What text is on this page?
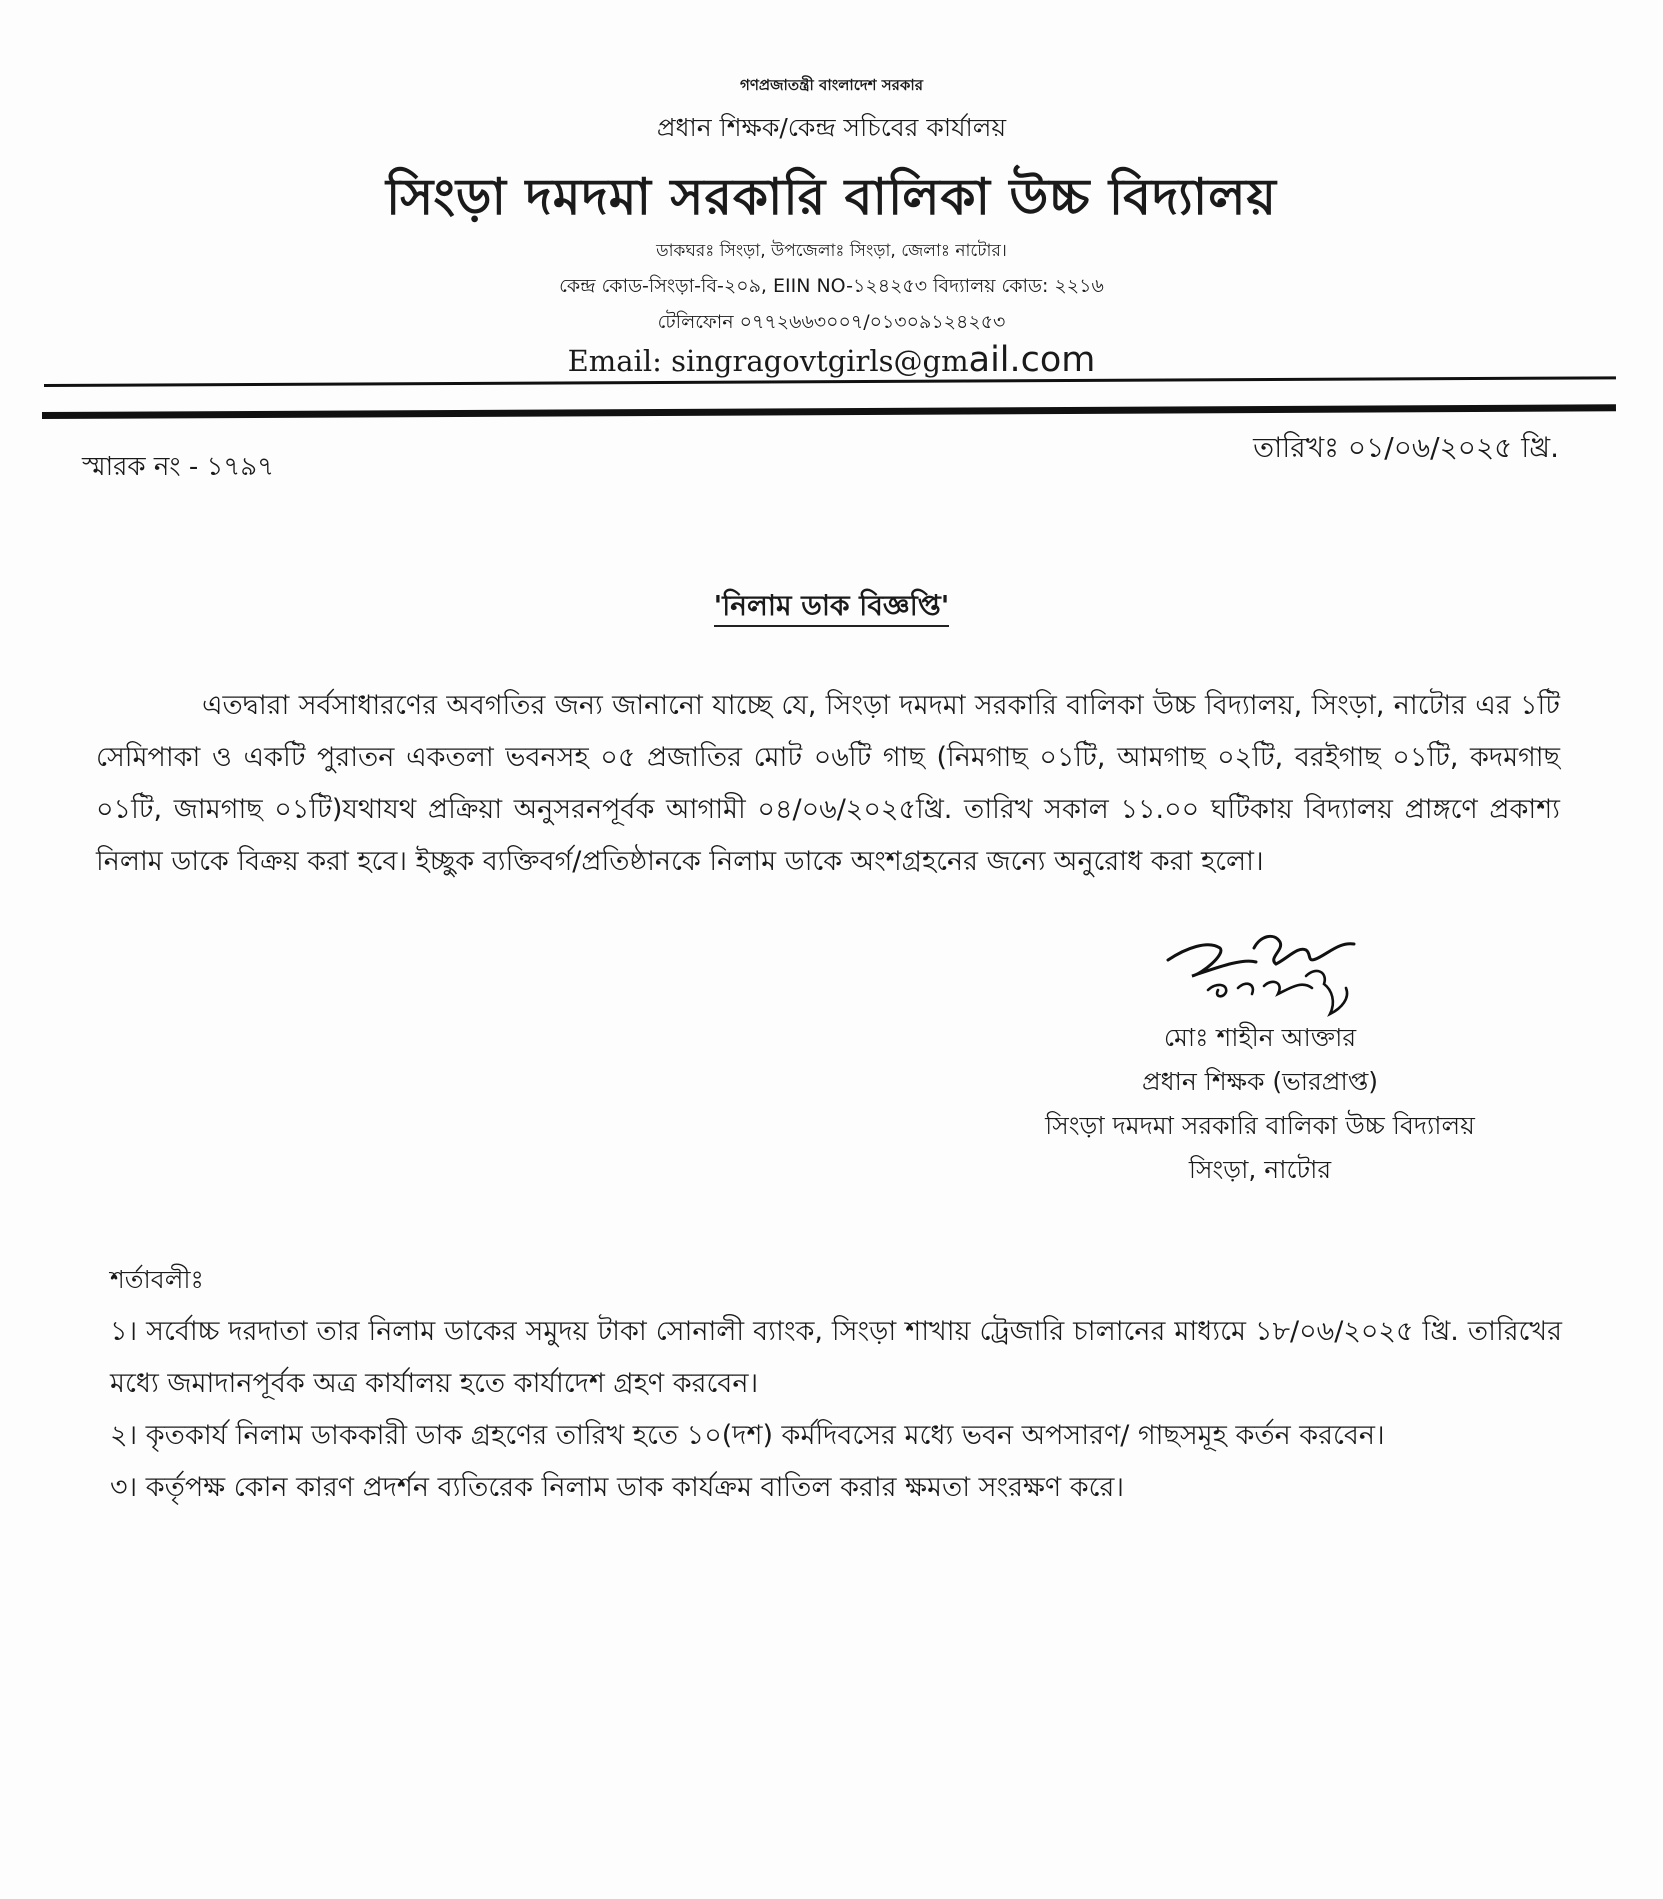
গণপ্রজাতন্ত্রী বাংলাদেশ সরকার
প্রধান শিক্ষক/কেন্দ্র সচিবের কার্যালয়
সিংড়া দমদমা সরকারি বালিকা উচ্চ বিদ্যালয়
ডাকঘরঃ সিংড়া, উপজেলাঃ সিংড়া, জেলাঃ নাটোর।
কেন্দ্র কোড-সিংড়া-বি-২০৯, EIIN NO-১২৪২৫৩ বিদ্যালয় কোড: ২২১৬
টেলিফোন ০৭৭২৬৬৩০০৭/০১৩০৯১২৪২৫৩
Email: singragovtgirls@gmail.com
স্মারক নং - ১৭৯৭
তারিখঃ ০১/০৬/২০২৫ খ্রি.
'নিলাম ডাক বিজ্ঞপ্তি'
এতদ্বারা সর্বসাধারণের অবগতির জন্য জানানো যাচ্ছে যে, সিংড়া দমদমা সরকারি বালিকা উচ্চ বিদ্যালয়, সিংড়া, নাটোর এর ১টি সেমিপাকা ও একটি পুরাতন একতলা ভবনসহ ০৫ প্রজাতির মোট ০৬টি গাছ (নিমগাছ ০১টি, আমগাছ ০২টি, বরইগাছ ০১টি, কদমগাছ ০১টি, জামগাছ ০১টি)যথাযথ প্রক্রিয়া অনুসরনপূর্বক আগামী ০৪/০৬/২০২৫খ্রি. তারিখ সকাল ১১.০০ ঘটিকায় বিদ্যালয় প্রাঙ্গণে প্রকাশ্য নিলাম ডাকে বিক্রয় করা হবে। ইচ্ছুক ব্যক্তিবর্গ/প্রতিষ্ঠানকে নিলাম ডাকে অংশগ্রহনের জন্যে অনুরোধ করা হলো।
মোঃ শাহীন আক্তার
প্রধান শিক্ষক (ভারপ্রাপ্ত)
সিংড়া দমদমা সরকারি বালিকা উচ্চ বিদ্যালয়
সিংড়া, নাটোর
শর্তাবলীঃ
১। সর্বোচ্চ দরদাতা তার নিলাম ডাকের সমুদয় টাকা সোনালী ব্যাংক, সিংড়া শাখায় ট্রেজারি চালানের মাধ্যমে ১৮/০৬/২০২৫ খ্রি. তারিখের মধ্যে জমাদানপূর্বক অত্র কার্যালয় হতে কার্যাদেশ গ্রহণ করবেন।
২। কৃতকার্য নিলাম ডাককারী ডাক গ্রহণের তারিখ হতে ১০(দশ) কর্মদিবসের মধ্যে ভবন অপসারণ/ গাছসমূহ কর্তন করবেন।
৩। কর্তৃপক্ষ কোন কারণ প্রদর্শন ব্যতিরেক নিলাম ডাক কার্যক্রম বাতিল করার ক্ষমতা সংরক্ষণ করে।
